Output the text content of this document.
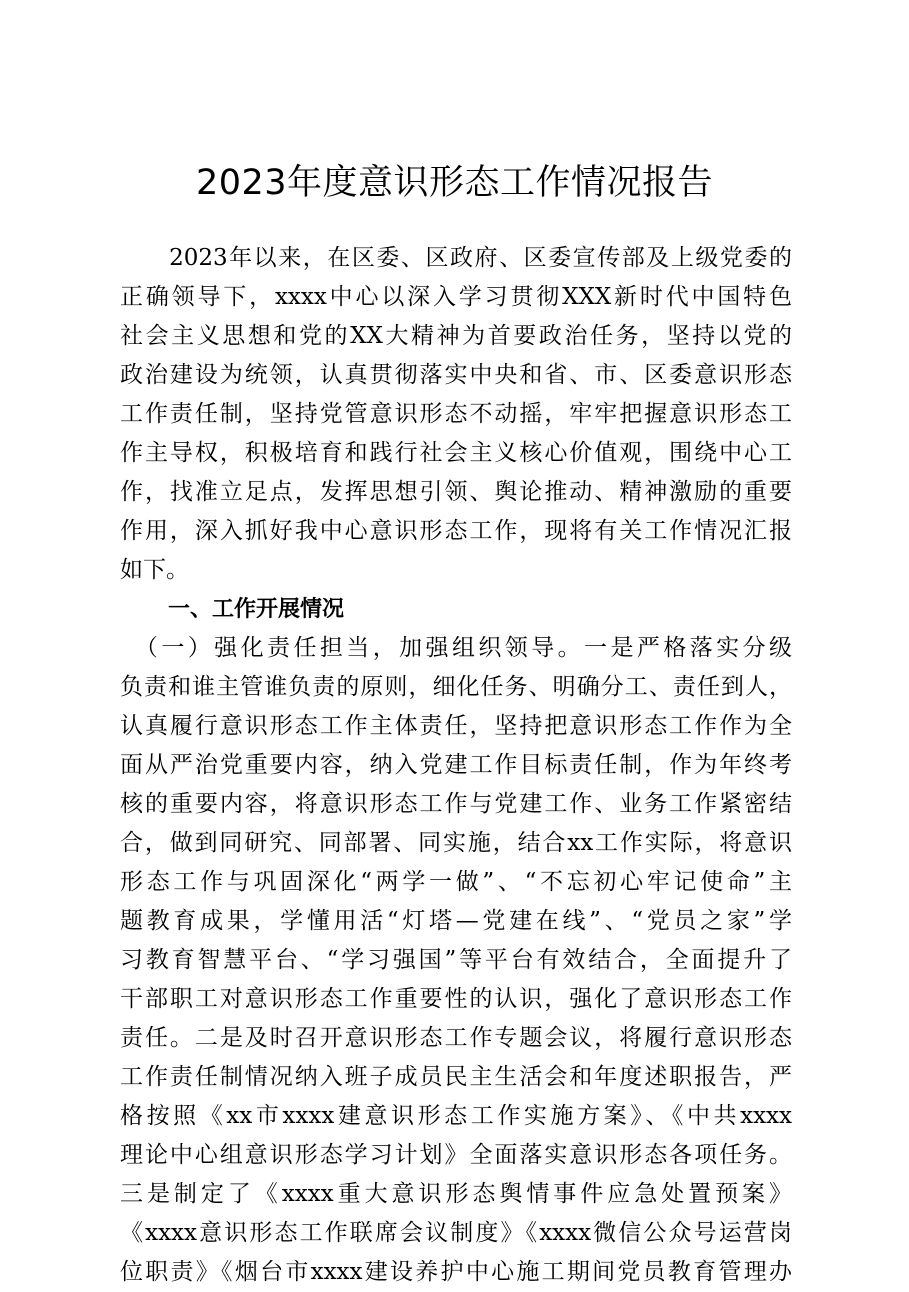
2023年度意识形态工作情况报告
　　2023年以来，在区委、区政府、区委宣传部及上级党委的
正确领导下，xxxx中心以深入学习贯彻XXX新时代中国特色
社会主义思想和党的XX大精神为首要政治任务，坚持以党的
政治建设为统领，认真贯彻落实中央和省、市、区委意识形态
工作责任制，坚持党管意识形态不动摇，牢牢把握意识形态工
作主导权，积极培育和践行社会主义核心价值观，围绕中心工
作，找准立足点，发挥思想引领、舆论推动、精神激励的重要
作用，深入抓好我中心意识形态工作，现将有关工作情况汇报
如下。
一、工作开展情况
　（一）强化责任担当，加强组织领导。一是严格落实分级
负责和谁主管谁负责的原则，细化任务、明确分工、责任到人，
认真履行意识形态工作主体责任，坚持把意识形态工作作为全
面从严治党重要内容，纳入党建工作目标责任制，作为年终考
核的重要内容，将意识形态工作与党建工作、业务工作紧密结
合，做到同研究、同部署、同实施，结合xx工作实际，将意识
形态工作与巩固深化“两学一做”、“不忘初心牢记使命”主
题教育成果，学懂用活“灯塔—党建在线”、“党员之家”学
习教育智慧平台、“学习强国”等平台有效结合，全面提升了
干部职工对意识形态工作重要性的认识，强化了意识形态工作
责任。二是及时召开意识形态工作专题会议，将履行意识形态
工作责任制情况纳入班子成员民主生活会和年度述职报告，严
格按照《xx市xxxx建意识形态工作实施方案》、《中共xxxx
理论中心组意识形态学习计划》全面落实意识形态各项任务。
三是制定了《xxxx重大意识形态舆情事件应急处置预案》
《xxxx意识形态工作联席会议制度》《xxxx微信公众号运营岗
位职责》《烟台市xxxx建设养护中心施工期间党员教育管理办
